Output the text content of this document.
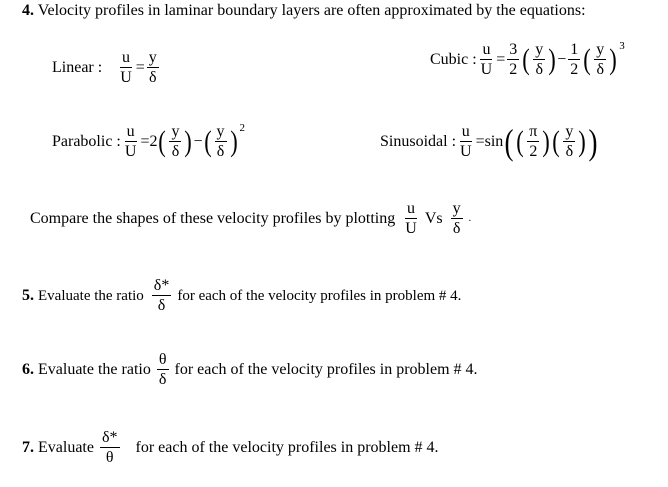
4. Velocity profiles in laminar boundary layers are often approximated by the equations:
Linear : $\frac{u}{U} = \frac{y}{\delta}$	Cubic : $\frac{u}{U} = \frac{3}{2}$ ( $\frac{y}{\delta}$ ) − $\frac{1}{2}$ ( $\frac{y}{\delta}$ ) 3
Parabolic : $\frac{u}{U} = 2$ ( $\frac{y}{\delta}$ ) − ( $\frac{y}{\delta}$ ) 2
Sinusoidal : $\frac{u}{U} = \sin$ ( ( $\frac{\pi}{2}$ ) ( $\frac{y}{\delta}$ ) )
Compare the shapes of these velocity profiles by plotting $\frac{u}{U}$ Vs $\frac{y}{\delta}$ .
5. Evaluate the ratio $\frac{\delta*}{\delta}$ for each of the velocity profiles in problem # 4.
6. Evaluate the ratio $\frac{\theta}{\delta}$ for each of the velocity profiles in problem # 4.
7. Evaluate $\frac{\delta*}{\theta}$ for each of the velocity profiles in problem # 4.
